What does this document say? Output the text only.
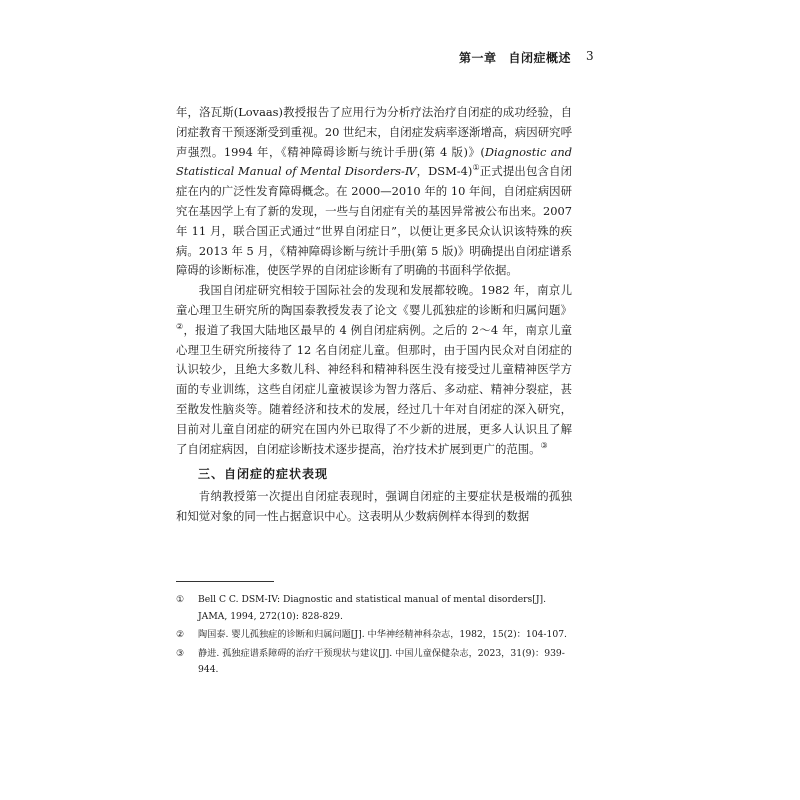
第一章 自闭症概述 3

年，洛瓦斯(Lovaas)教授报告了应用行为分析疗法治疗自闭症的成功经验，自闭症教育干预逐渐受到重视。20 世纪末，自闭症发病率逐渐增高，病因研究呼声强烈。1994 年，《精神障碍诊断与统计手册(第 4 版)》(Diagnostic and Statistical Manual of Mental Disorders-Ⅳ，DSM-4)①正式提出包含自闭症在内的广泛性发育障碍概念。在 2000—2010 年的 10 年间，自闭症病因研究在基因学上有了新的发现，一些与自闭症有关的基因异常被公布出来。2007 年 11 月，联合国正式通过“世界自闭症日”，以便让更多民众认识该特殊的疾病。2013 年 5 月，《精神障碍诊断与统计手册(第 5 版)》明确提出自闭症谱系障碍的诊断标准，使医学界的自闭症诊断有了明确的书面科学依据。

我国自闭症研究相较于国际社会的发现和发展都较晚。1982 年，南京儿童心理卫生研究所的陶国泰教授发表了论文《婴儿孤独症的诊断和归属问题》②，报道了我国大陆地区最早的 4 例自闭症病例。之后的 2～4 年，南京儿童心理卫生研究所接待了 12 名自闭症儿童。但那时，由于国内民众对自闭症的认识较少，且绝大多数儿科、神经科和精神科医生没有接受过儿童精神医学方面的专业训练，这些自闭症儿童被误诊为智力落后、多动症、精神分裂症，甚至散发性脑炎等。随着经济和技术的发展，经过几十年对自闭症的深入研究，目前对儿童自闭症的研究在国内外已取得了不少新的进展，更多人认识且了解了自闭症病因，自闭症诊断技术逐步提高，治疗技术扩展到更广的范围。③

三、自闭症的症状表现

肯纳教授第一次提出自闭症表现时，强调自闭症的主要症状是极端的孤独和知觉对象的同一性占据意识中心。这表明从少数病例样本得到的数据

① Bell C C. DSM-IV: Diagnostic and statistical manual of mental disorders[J]. JAMA, 1994, 272(10): 828-829.
② 陶国泰. 婴儿孤独症的诊断和归属问题[J]. 中华神经精神科杂志，1982，15(2)：104-107.
③ 静进. 孤独症谱系障碍的治疗干预现状与建议[J]. 中国儿童保健杂志，2023，31(9)：939-944.
